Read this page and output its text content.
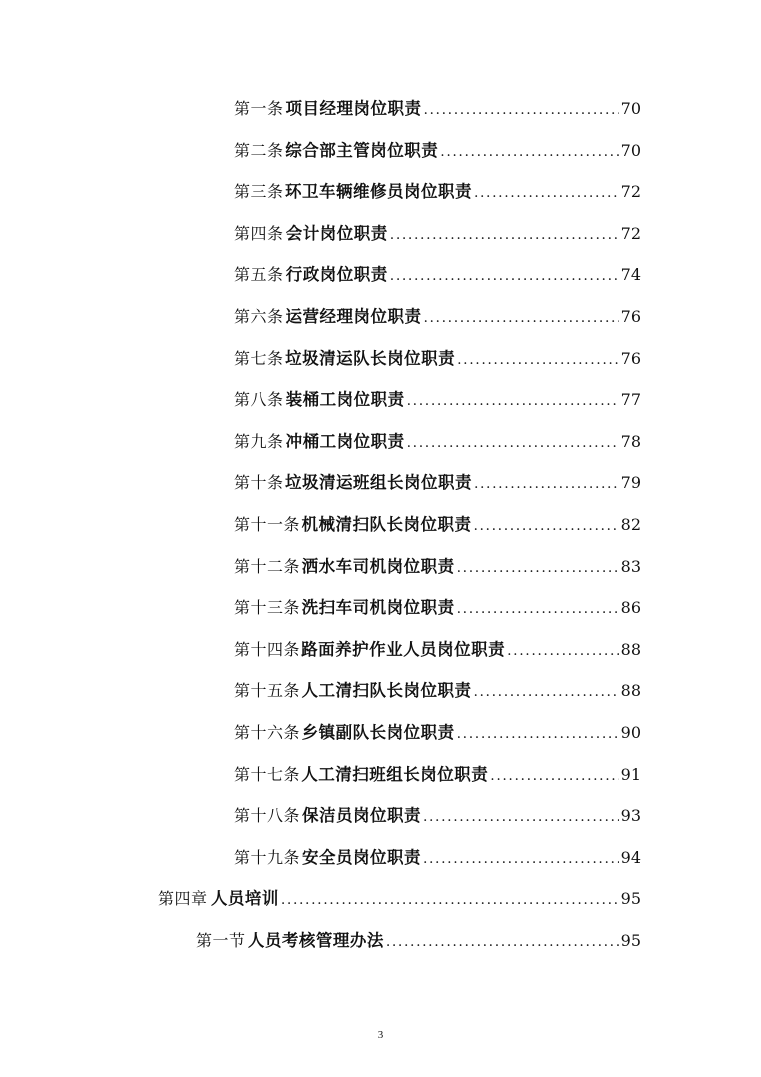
第一条 项目经理岗位职责 .....	70
第二条 综合部主管岗位职责 .....	70
第三条 环卫车辆维修员岗位职责 .....	72
第四条 会计岗位职责 .....	72
第五条 行政岗位职责 .....	74
第六条 运营经理岗位职责 .....	76
第七条 垃圾清运队长岗位职责 .....	76
第八条 装桶工岗位职责 .....	77
第九条 冲桶工岗位职责 .....	78
第十条 垃圾清运班组长岗位职责 .....	79
第十一条 机械清扫队长岗位职责 .....	82
第十二条 洒水车司机岗位职责 .....	83
第十三条 洗扫车司机岗位职责 .....	86
第十四条 路面养护作业人员岗位职责 .....	88
第十五条 人工清扫队长岗位职责 .....	88
第十六条 乡镇副队长岗位职责 .....	90
第十七条 人工清扫班组长岗位职责 .....	91
第十八条 保洁员岗位职责 .....	93
第十九条 安全员岗位职责 .....	94
第四章 人员培训 .....	95
第一节 人员考核管理办法 .....	95
3
